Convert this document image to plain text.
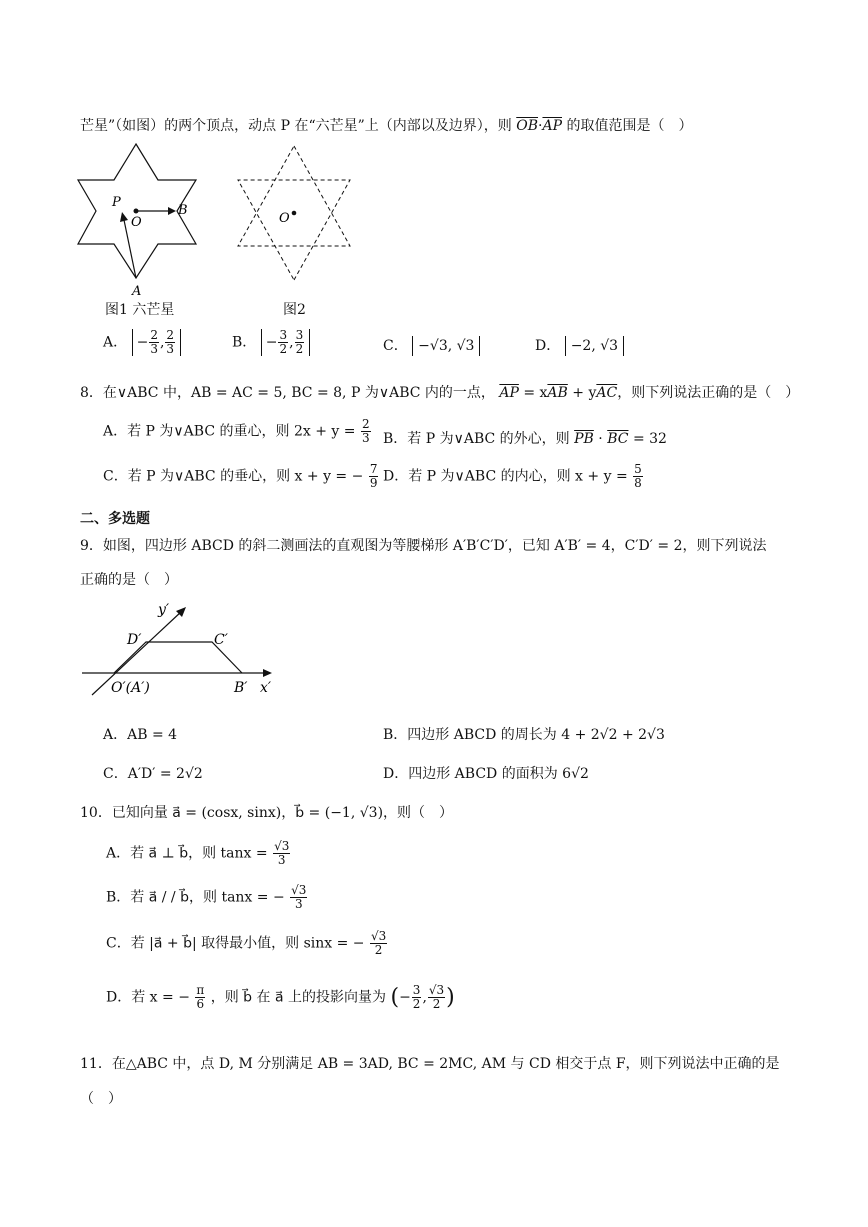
芒星”（如图）的两个顶点，动点 P 在“六芒星”上（内部以及边界），则 $\overline{OB}\cdot\overline{AP}$ 的取值范围是（　）
P
O
B
A
图1 六芒星
O
图2
A． − $\frac{2}{3}$ , $\frac{2}{3}$	B． − $\frac{3}{2}$ , $\frac{3}{2}$	C． −√3, √3	D． −2, √3
8．在∨ABC 中，AB = AC = 5, BC = 8, P 为∨ABC 内的一点， $\overline{AP} = x\overline{AB} + y\overline{AC}$，则下列说法正确的是（　）
A．若 P 为∨ABC 的重心，则 $2x + y = \frac{2}{3}$ B．若 P 为∨ABC 的外心，则 $\overline{PB} \cdot \overline{BC} = 32$
C．若 P 为∨ABC 的垂心，则 x + y = − $\frac{7}{9}$ D．若 P 为∨ABC 的内心，则 $x + y = \frac{5}{8}$
二、多选题
9．如图，四边形 ABCD 的斜二测画法的直观图为等腰梯形 A′B′C′D′，已知 A′B′ = 4，C′D′ = 2，则下列说法
正确的是（　）
y′
D′	C′
O′(A′)	B′ x′
A．AB = 4	B．四边形 ABCD 的周长为 4 + 2√2 + 2√3
C．A′D′ = 2√2	D．四边形 ABCD 的面积为 6√2
10．已知向量 a⃗ = (cosx, sinx)，b⃗ = (−1, √3)，则（　）
A．若 a⃗ ⊥ b⃗，则 $\tan x = \frac{√3}{3}$
B．若 a⃗ / / b⃗，则 tanx = − $\frac{√3}{3}$
C．若 |a⃗ + b⃗| 取得最小值，则 sinx = − $\frac{√3}{2}$
D．若 x = − $\frac{\pi}{6}$ ，则 b⃗ 在 a⃗ 上的投影向量为 (− $\frac{3}{2}$ , $\frac{√3}{2}$ )
11．在△ABC 中，点 D, M 分别满足 AB = 3AD, BC = 2MC, AM 与 CD 相交于点 F，则下列说法中正确的是
（　）
